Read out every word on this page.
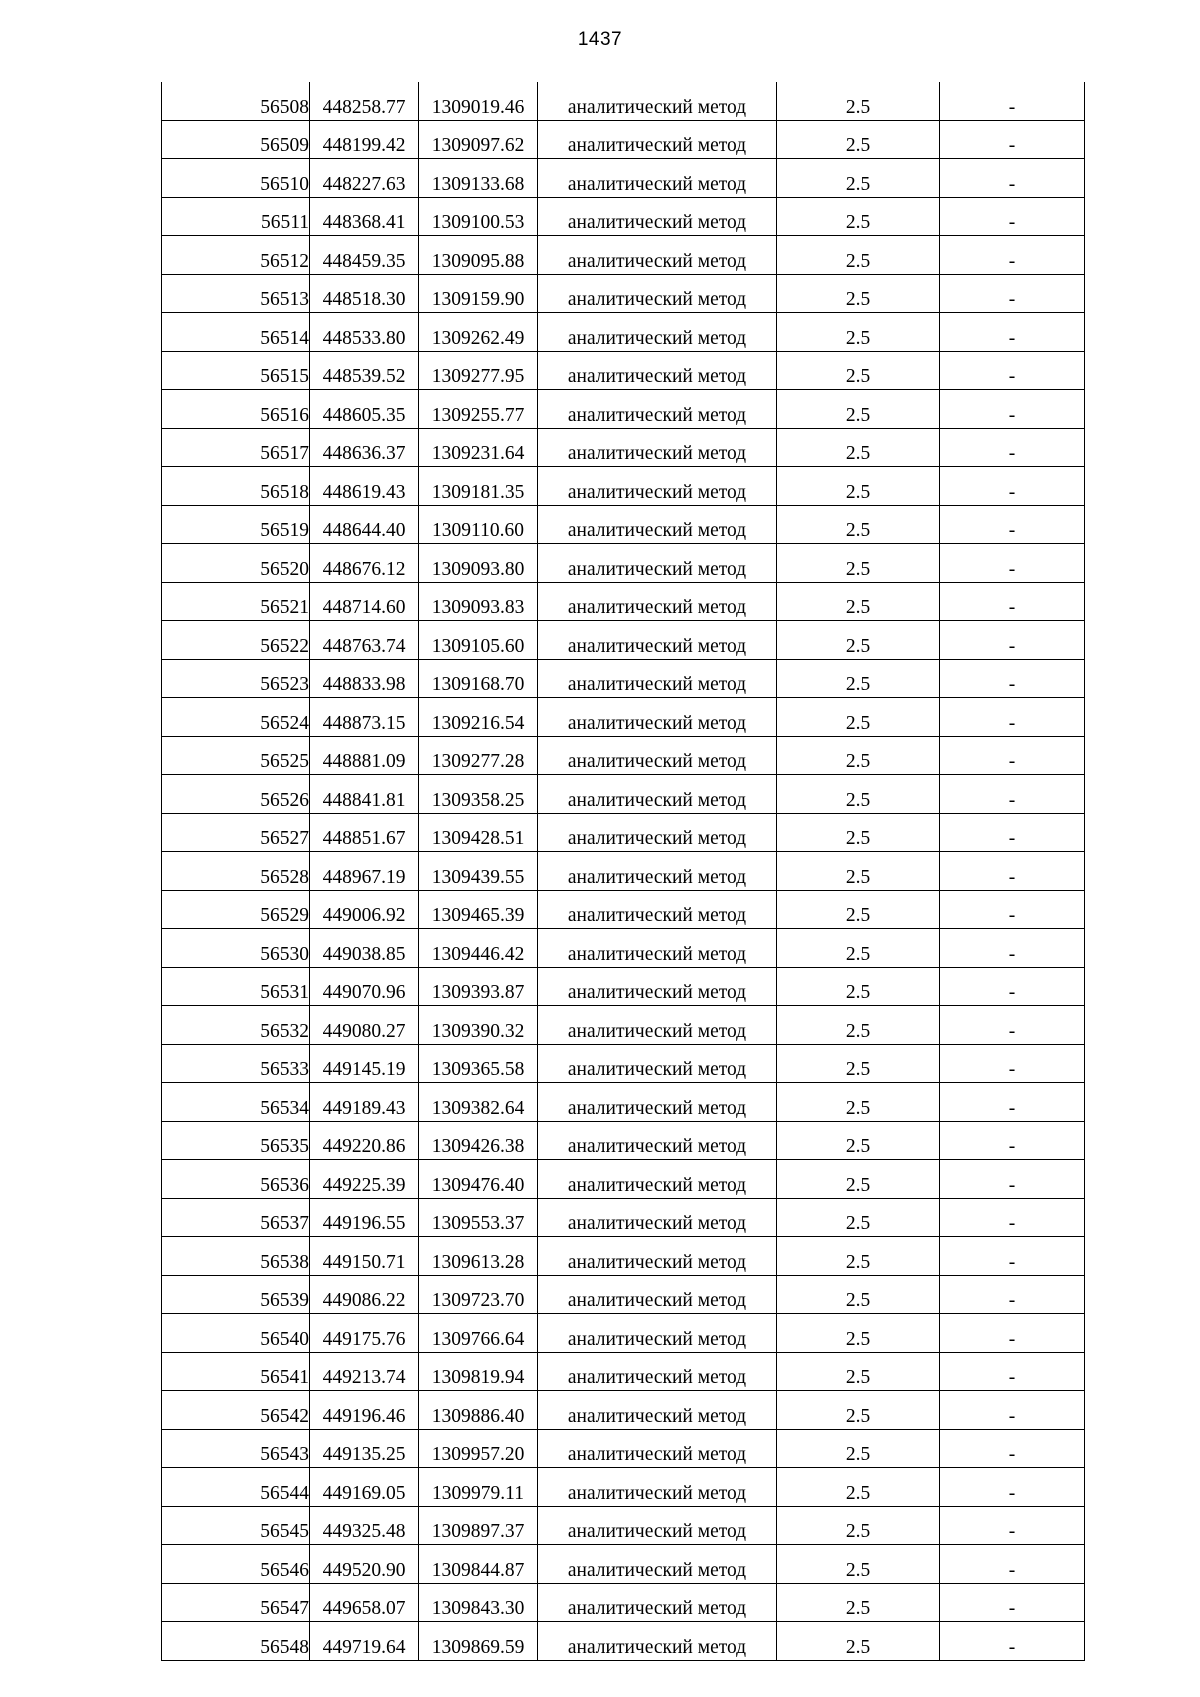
1437
56508	448258.77	1309019.46	аналитический метод	2.5	-
56509	448199.42	1309097.62	аналитический метод	2.5	-
56510	448227.63	1309133.68	аналитический метод	2.5	-
56511	448368.41	1309100.53	аналитический метод	2.5	-
56512	448459.35	1309095.88	аналитический метод	2.5	-
56513	448518.30	1309159.90	аналитический метод	2.5	-
56514	448533.80	1309262.49	аналитический метод	2.5	-
56515	448539.52	1309277.95	аналитический метод	2.5	-
56516	448605.35	1309255.77	аналитический метод	2.5	-
56517	448636.37	1309231.64	аналитический метод	2.5	-
56518	448619.43	1309181.35	аналитический метод	2.5	-
56519	448644.40	1309110.60	аналитический метод	2.5	-
56520	448676.12	1309093.80	аналитический метод	2.5	-
56521	448714.60	1309093.83	аналитический метод	2.5	-
56522	448763.74	1309105.60	аналитический метод	2.5	-
56523	448833.98	1309168.70	аналитический метод	2.5	-
56524	448873.15	1309216.54	аналитический метод	2.5	-
56525	448881.09	1309277.28	аналитический метод	2.5	-
56526	448841.81	1309358.25	аналитический метод	2.5	-
56527	448851.67	1309428.51	аналитический метод	2.5	-
56528	448967.19	1309439.55	аналитический метод	2.5	-
56529	449006.92	1309465.39	аналитический метод	2.5	-
56530	449038.85	1309446.42	аналитический метод	2.5	-
56531	449070.96	1309393.87	аналитический метод	2.5	-
56532	449080.27	1309390.32	аналитический метод	2.5	-
56533	449145.19	1309365.58	аналитический метод	2.5	-
56534	449189.43	1309382.64	аналитический метод	2.5	-
56535	449220.86	1309426.38	аналитический метод	2.5	-
56536	449225.39	1309476.40	аналитический метод	2.5	-
56537	449196.55	1309553.37	аналитический метод	2.5	-
56538	449150.71	1309613.28	аналитический метод	2.5	-
56539	449086.22	1309723.70	аналитический метод	2.5	-
56540	449175.76	1309766.64	аналитический метод	2.5	-
56541	449213.74	1309819.94	аналитический метод	2.5	-
56542	449196.46	1309886.40	аналитический метод	2.5	-
56543	449135.25	1309957.20	аналитический метод	2.5	-
56544	449169.05	1309979.11	аналитический метод	2.5	-
56545	449325.48	1309897.37	аналитический метод	2.5	-
56546	449520.90	1309844.87	аналитический метод	2.5	-
56547	449658.07	1309843.30	аналитический метод	2.5	-
56548	449719.64	1309869.59	аналитический метод	2.5	-
